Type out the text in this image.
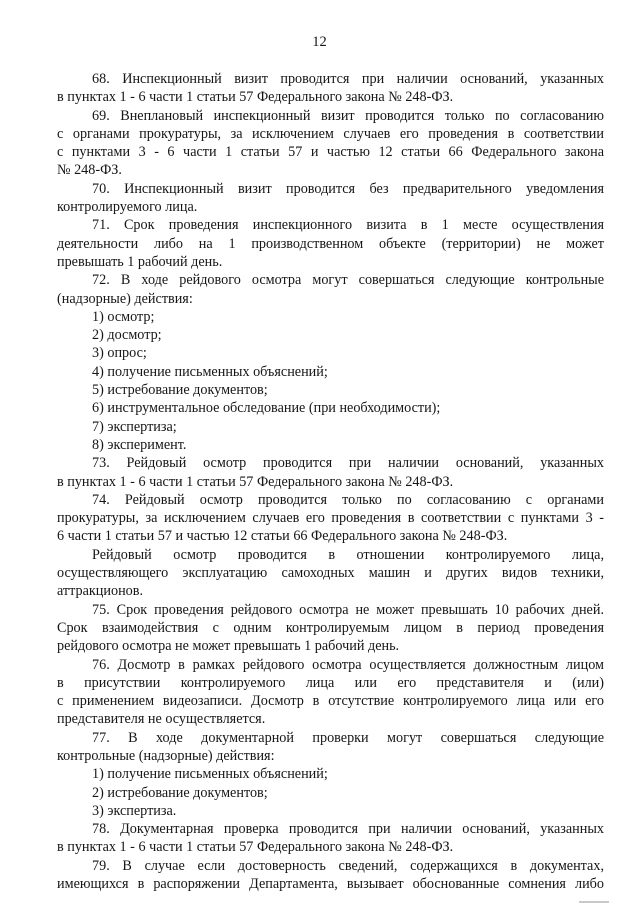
12
68. Инспекционный визит проводится при наличии оснований, указанных
в пунктах 1 - 6 части 1 статьи 57 Федерального закона № 248-ФЗ.
69. Внеплановый инспекционный визит проводится только по согласованию
с органами прокуратуры, за исключением случаев его проведения в соответствии
с пунктами 3 - 6 части 1 статьи 57 и частью 12 статьи 66 Федерального закона
№ 248-ФЗ.
70. Инспекционный визит проводится без предварительного уведомления
контролируемого лица.
71. Срок проведения инспекционного визита в 1 месте осуществления
деятельности либо на 1 производственном объекте (территории) не может
превышать 1 рабочий день.
72. В ходе рейдового осмотра могут совершаться следующие контрольные
(надзорные) действия:
1) осмотр;
2) досмотр;
3) опрос;
4) получение письменных объяснений;
5) истребование документов;
6) инструментальное обследование (при необходимости);
7) экспертиза;
8) эксперимент.
73. Рейдовый осмотр проводится при наличии оснований, указанных
в пунктах 1 - 6 части 1 статьи 57 Федерального закона № 248-ФЗ.
74. Рейдовый осмотр проводится только по согласованию с органами
прокуратуры, за исключением случаев его проведения в соответствии с пунктами 3 -
6 части 1 статьи 57 и частью 12 статьи 66 Федерального закона № 248-ФЗ.
Рейдовый осмотр проводится в отношении контролируемого лица,
осуществляющего эксплуатацию самоходных машин и других видов техники,
аттракционов.
75. Срок проведения рейдового осмотра не может превышать 10 рабочих дней.
Срок взаимодействия с одним контролируемым лицом в период проведения
рейдового осмотра не может превышать 1 рабочий день.
76. Досмотр в рамках рейдового осмотра осуществляется должностным лицом
в присутствии контролируемого лица или его представителя и (или)
с применением видеозаписи. Досмотр в отсутствие контролируемого лица или его
представителя не осуществляется.
77. В ходе документарной проверки могут совершаться следующие
контрольные (надзорные) действия:
1) получение письменных объяснений;
2) истребование документов;
3) экспертиза.
78. Документарная проверка проводится при наличии оснований, указанных
в пунктах 1 - 6 части 1 статьи 57 Федерального закона № 248-ФЗ.
79. В случае если достоверность сведений, содержащихся в документах,
имеющихся в распоряжении Департамента, вызывает обоснованные сомнения либо
